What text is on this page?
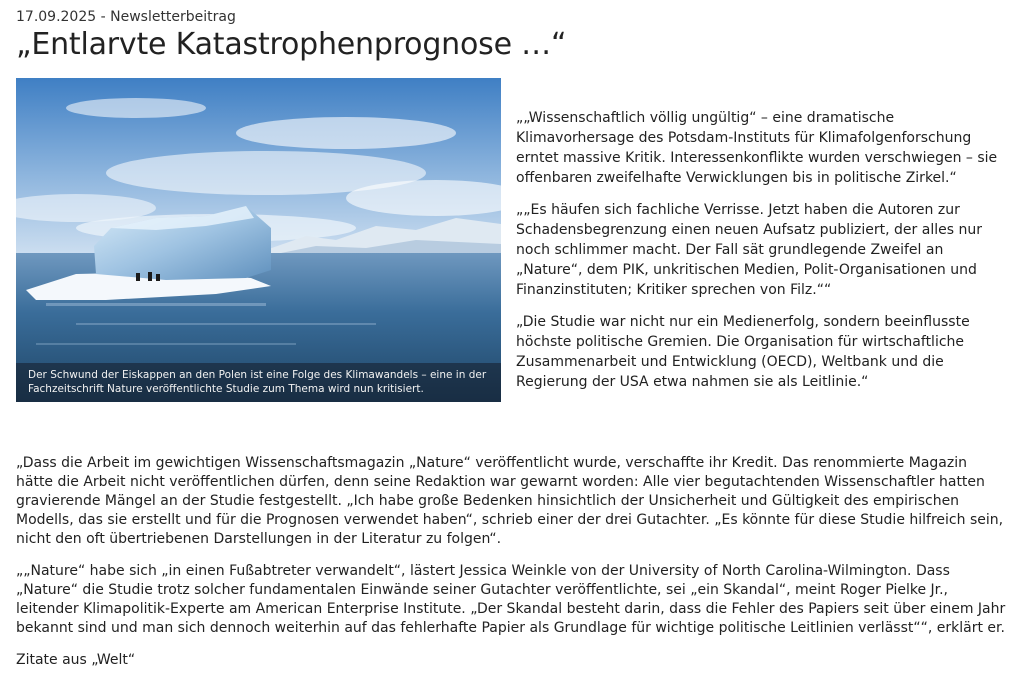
17.09.2025 - Newsletterbeitrag

„Entlarvte Katastrophenprognose …“
Der Schwund der Eiskappen an den Polen ist eine Folge des Klimawandels – eine in der Fachzeitschrift Nature veröffentlichte Studie zum Thema wird nun kritisiert.

„„Wissenschaftlich völlig ungültig“ – eine dramatische Klimavorhersage des Potsdam-Instituts für Klimafolgenforschung erntet massive Kritik. Interessenkonflikte wurden verschwiegen – sie offenbaren zweifelhafte Verwicklungen bis in politische Zirkel.“

„„Es häufen sich fachliche Verrisse. Jetzt haben die Autoren zur Schadensbegrenzung einen neuen Aufsatz publiziert, der alles nur noch schlimmer macht. Der Fall sät grundlegende Zweifel an „Nature“, dem PIK, unkritischen Medien, Polit-Organisationen und Finanzinstituten; Kritiker sprechen von Filz.““

„Die Studie war nicht nur ein Medienerfolg, sondern beeinflusste höchste politische Gremien. Die Organisation für wirtschaftliche Zusammenarbeit und Entwicklung (OECD), Weltbank und die Regierung der USA etwa nahmen sie als Leitlinie.“

„Dass die Arbeit im gewichtigen Wissenschaftsmagazin „Nature“ veröffentlicht wurde, verschaffte ihr Kredit. Das renommierte Magazin hätte die Arbeit nicht veröffentlichen dürfen, denn seine Redaktion war gewarnt worden: Alle vier begutachtenden Wissenschaftler hatten gravierende Mängel an der Studie festgestellt. „Ich habe große Bedenken hinsichtlich der Unsicherheit und Gültigkeit des empirischen Modells, das sie erstellt und für die Prognosen verwendet haben“, schrieb einer der drei Gutachter. „Es könnte für diese Studie hilfreich sein, nicht den oft übertriebenen Darstellungen in der Literatur zu folgen“.

„„Nature“ habe sich „in einen Fußabtreter verwandelt“, lästert Jessica Weinkle von der University of North Carolina-Wilmington. Dass „Nature“ die Studie trotz solcher fundamentalen Einwände seiner Gutachter veröffentlichte, sei „ein Skandal“, meint Roger Pielke Jr., leitender Klimapolitik-Experte am American Enterprise Institute. „Der Skandal besteht darin, dass die Fehler des Papiers seit über einem Jahr bekannt sind und man sich dennoch weiterhin auf das fehlerhafte Papier als Grundlage für wichtige politische Leitlinien verlässt““, erklärt er.

Zitate aus „Welt“
